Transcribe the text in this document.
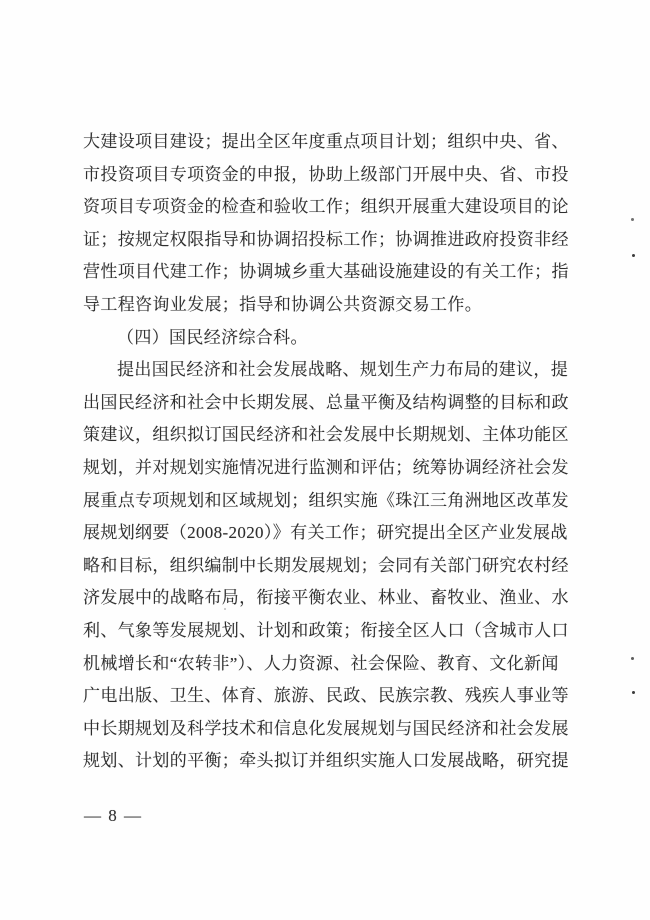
大建设项目建设；提出全区年度重点项目计划；组织中央、省、
市投资项目专项资金的申报，协助上级部门开展中央、省、市投
资项目专项资金的检查和验收工作；组织开展重大建设项目的论
证；按规定权限指导和协调招投标工作；协调推进政府投资非经
营性项目代建工作；协调城乡重大基础设施建设的有关工作；指
导工程咨询业发展；指导和协调公共资源交易工作。
（四）国民经济综合科。
提出国民经济和社会发展战略、规划生产力布局的建议，提
出国民经济和社会中长期发展、总量平衡及结构调整的目标和政
策建议，组织拟订国民经济和社会发展中长期规划、主体功能区
规划，并对规划实施情况进行监测和评估；统筹协调经济社会发
展重点专项规划和区域规划；组织实施《珠江三角洲地区改革发
展规划纲要（2008-2020）》有关工作；研究提出全区产业发展战
略和目标，组织编制中长期发展规划；会同有关部门研究农村经
济发展中的战略布局，衔接平衡农业、林业、畜牧业、渔业、水
利、气象等发展规划、计划和政策；衔接全区人口（含城市人口
机械增长和“农转非”）、人力资源、社会保险、教育、文化新闻
广电出版、卫生、体育、旅游、民政、民族宗教、残疾人事业等
中长期规划及科学技术和信息化发展规划与国民经济和社会发展
规划、计划的平衡；牵头拟订并组织实施人口发展战略，研究提
— 8 —
